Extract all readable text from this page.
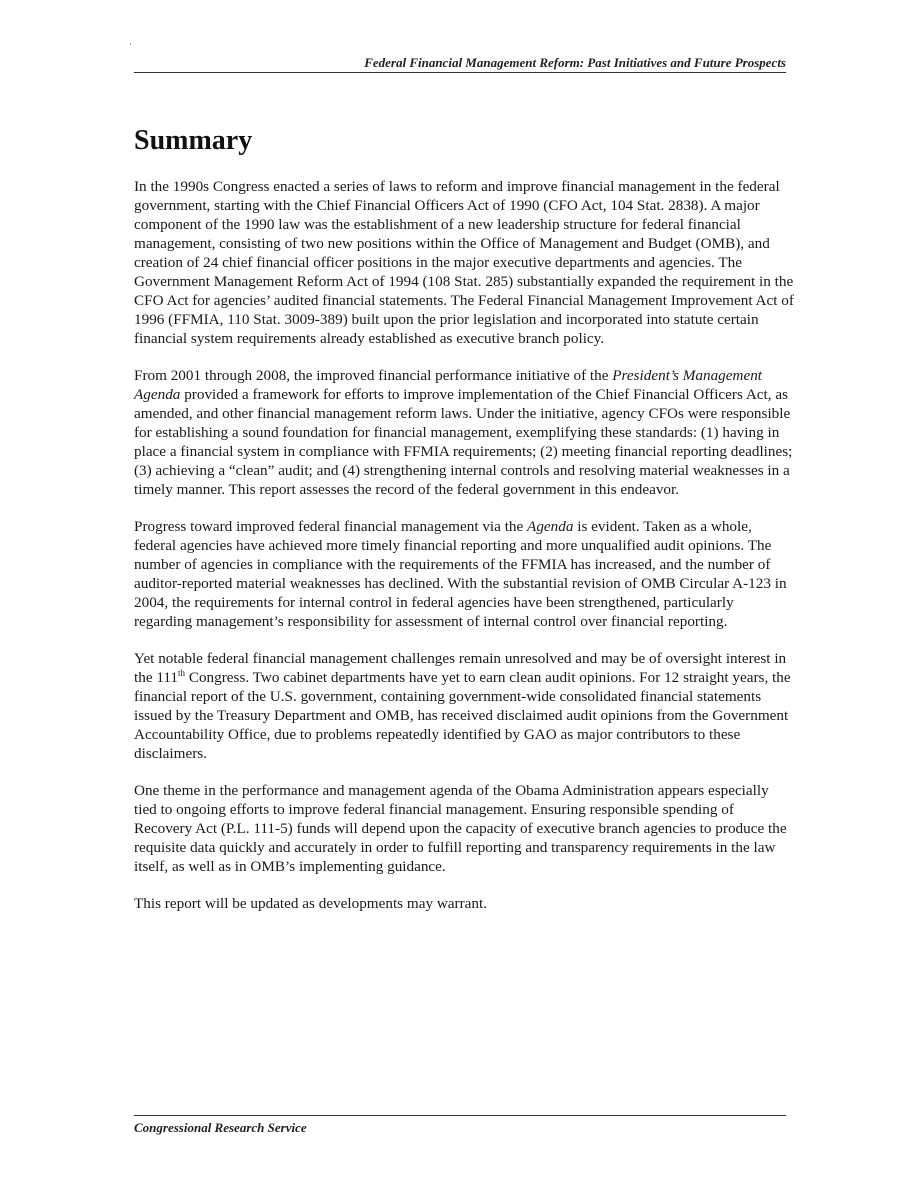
·
Federal Financial Management Reform: Past Initiatives and Future Prospects
Summary

In the 1990s Congress enacted a series of laws to reform and improve financial management in the federal government, starting with the Chief Financial Officers Act of 1990 (CFO Act, 104 Stat. 2838). A major component of the 1990 law was the establishment of a new leadership structure for federal financial management, consisting of two new positions within the Office of Management and Budget (OMB), and creation of 24 chief financial officer positions in the major executive departments and agencies. The Government Management Reform Act of 1994 (108 Stat. 285) substantially expanded the requirement in the CFO Act for agencies’ audited financial statements. The Federal Financial Management Improvement Act of 1996 (FFMIA, 110 Stat. 3009-389) built upon the prior legislation and incorporated into statute certain financial system requirements already established as executive branch policy.

From 2001 through 2008, the improved financial performance initiative of the President’s Management Agenda provided a framework for efforts to improve implementation of the Chief Financial Officers Act, as amended, and other financial management reform laws. Under the initiative, agency CFOs were responsible for establishing a sound foundation for financial management, exemplifying these standards: (1) having in place a financial system in compliance with FFMIA requirements; (2) meeting financial reporting deadlines; (3) achieving a “clean” audit; and (4) strengthening internal controls and resolving material weaknesses in a timely manner. This report assesses the record of the federal government in this endeavor.

Progress toward improved federal financial management via the Agenda is evident. Taken as a whole, federal agencies have achieved more timely financial reporting and more unqualified audit opinions. The number of agencies in compliance with the requirements of the FFMIA has increased, and the number of auditor-reported material weaknesses has declined. With the substantial revision of OMB Circular A-123 in 2004, the requirements for internal control in federal agencies have been strengthened, particularly regarding management’s responsibility for assessment of internal control over financial reporting.

Yet notable federal financial management challenges remain unresolved and may be of oversight interest in the 111th Congress. Two cabinet departments have yet to earn clean audit opinions. For 12 straight years, the financial report of the U.S. government, containing government-wide consolidated financial statements issued by the Treasury Department and OMB, has received disclaimed audit opinions from the Government Accountability Office, due to problems repeatedly identified by GAO as major contributors to these disclaimers.

One theme in the performance and management agenda of the Obama Administration appears especially tied to ongoing efforts to improve federal financial management. Ensuring responsible spending of Recovery Act (P.L. 111-5) funds will depend upon the capacity of executive branch agencies to produce the requisite data quickly and accurately in order to fulfill reporting and transparency requirements in the law itself, as well as in OMB’s implementing guidance.

This report will be updated as developments may warrant.

Congressional Research Service
